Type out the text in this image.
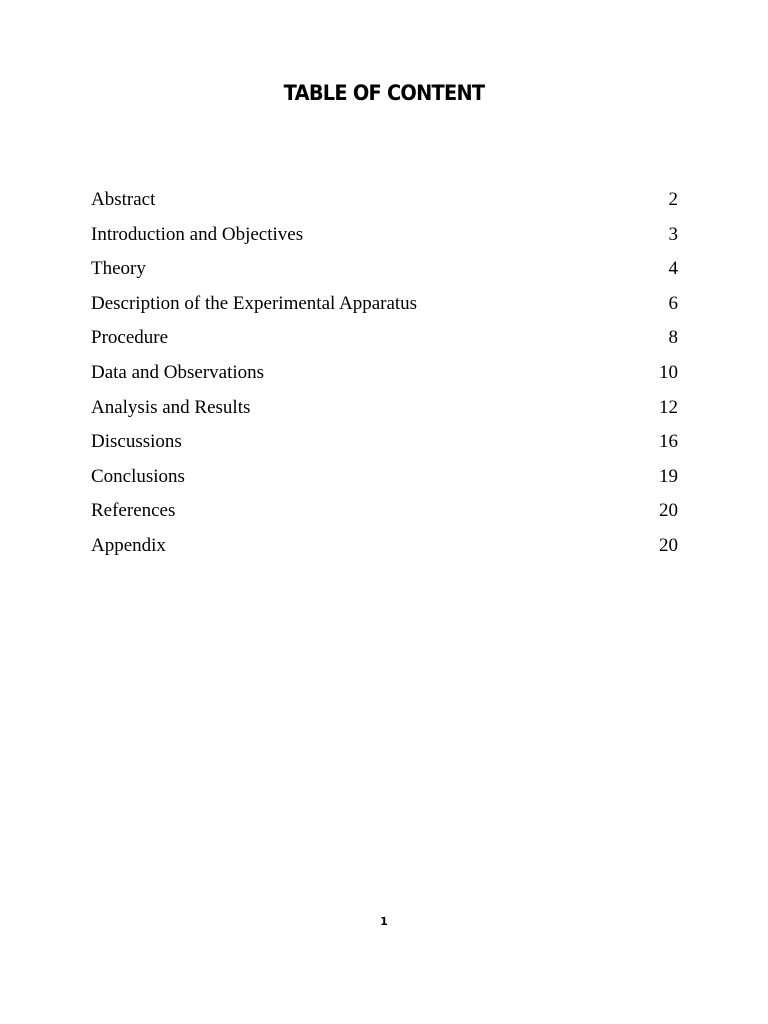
TABLE OF CONTENT
Abstract	2
Introduction and Objectives	3
Theory	4
Description of the Experimental Apparatus	6
Procedure	8
Data and Observations	10
Analysis and Results	12
Discussions	16
Conclusions	19
References	20
Appendix	20
1
